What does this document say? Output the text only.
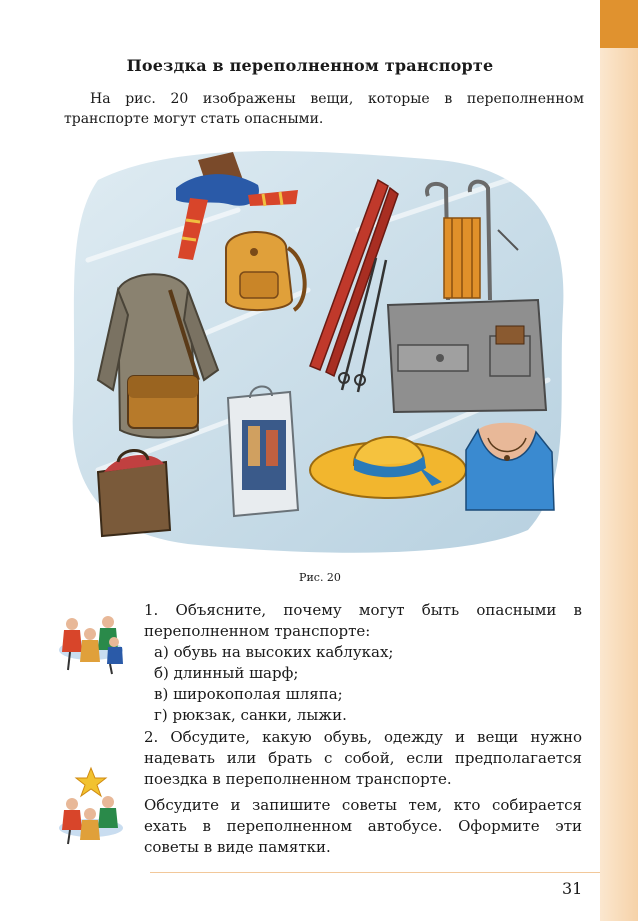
Поездка в переполненном транспорте

На рис. 20 изображены вещи, которые в переполненном транспорте могут стать опасными.

Рис. 20
1. Объясните, почему могут быть опасными в переполненном транспорте:
а) обувь на высоких каблуках;
б) длинный шарф;
в) широкополая шляпа;
г) рюкзак, санки, лыжи.

2. Обсудите, какую обувь, одежду и вещи нужно надевать или брать с собой, если предполагается поездка в переполненном транспорте.

Обсудите и запишите советы тем, кто собирается ехать в переполненном автобусе. Оформите эти советы в виде памятки.

31
